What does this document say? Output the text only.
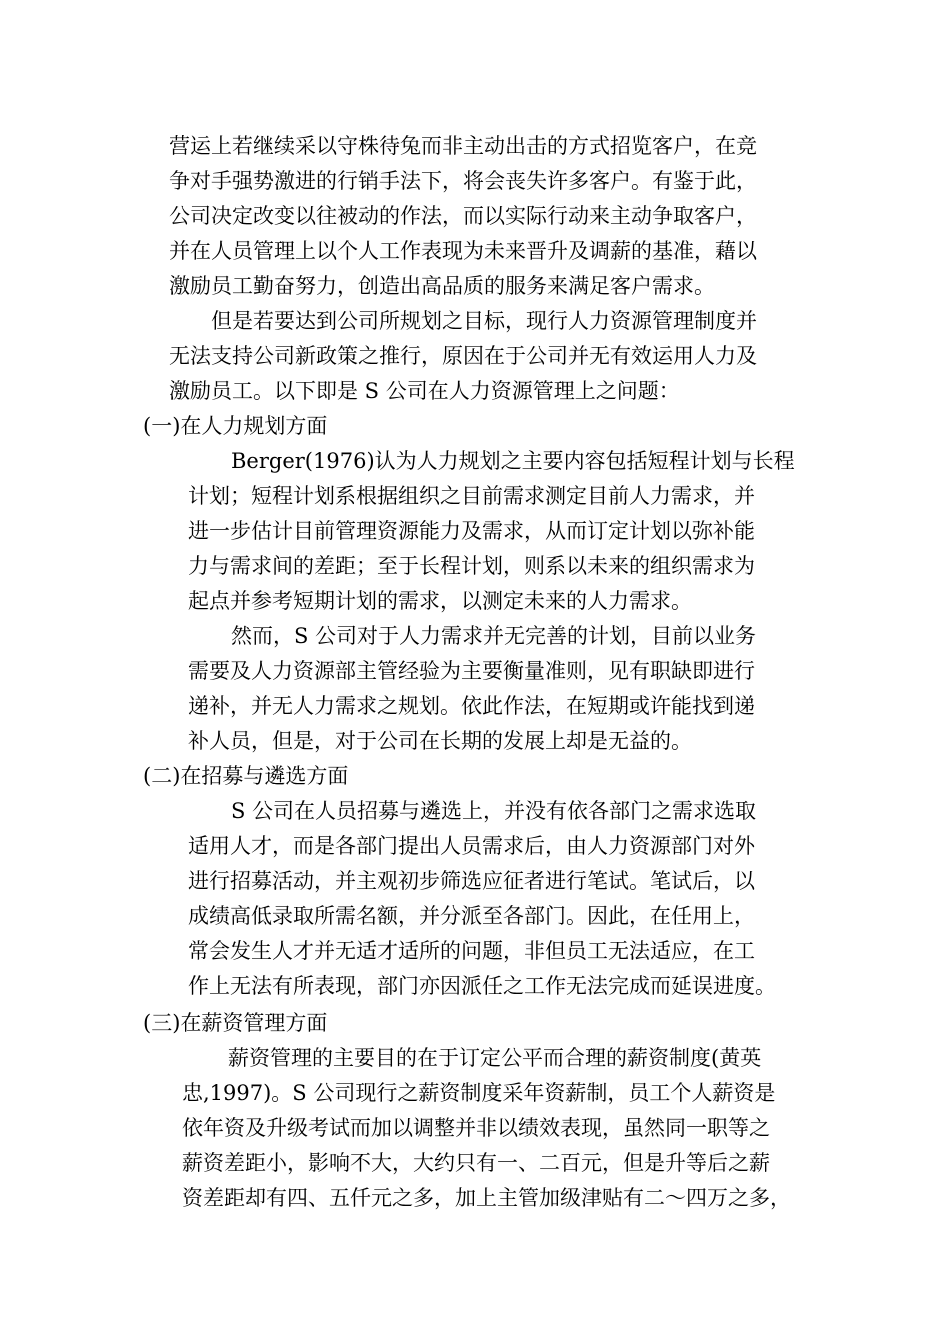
营运上若继续采以守株待兔而非主动出击的方式招览客户，在竞
争对手强势激进的行销手法下，将会丧失许多客户。有鉴于此，
公司决定改变以往被动的作法，而以实际行动来主动争取客户，
并在人员管理上以个人工作表现为未来晋升及调薪的基准，藉以
激励员工勤奋努力，创造出高品质的服务来满足客户需求。
但是若要达到公司所规划之目标，现行人力资源管理制度并
无法支持公司新政策之推行，原因在于公司并无有效运用人力及
激励员工。以下即是 S 公司在人力资源管理上之问题：
(一)在人力规划方面
Berger(1976)认为人力规划之主要内容包括短程计划与长程
计划；短程计划系根据组织之目前需求测定目前人力需求，并
进一步估计目前管理资源能力及需求，从而订定计划以弥补能
力与需求间的差距；至于长程计划，则系以未来的组织需求为
起点并参考短期计划的需求，以测定未来的人力需求。
然而，S 公司对于人力需求并无完善的计划，目前以业务
需要及人力资源部主管经验为主要衡量准则，见有职缺即进行
递补，并无人力需求之规划。依此作法，在短期或许能找到递
补人员，但是，对于公司在长期的发展上却是无益的。
(二)在招募与遴选方面
S 公司在人员招募与遴选上，并没有依各部门之需求选取
适用人才，而是各部门提出人员需求后，由人力资源部门对外
进行招募活动，并主观初步筛选应征者进行笔试。笔试后，以
成绩高低录取所需名额，并分派至各部门。因此，在任用上，
常会发生人才并无适才适所的问题，非但员工无法适应，在工
作上无法有所表现，部门亦因派任之工作无法完成而延误进度。
(三)在薪资管理方面
薪资管理的主要目的在于订定公平而合理的薪资制度(黄英
忠,1997)。S 公司现行之薪资制度采年资薪制，员工个人薪资是
依年资及升级考试而加以调整并非以绩效表现，虽然同一职等之
薪资差距小，影响不大，大约只有一、二百元，但是升等后之薪
资差距却有四、五仟元之多，加上主管加级津贴有二～四万之多，
